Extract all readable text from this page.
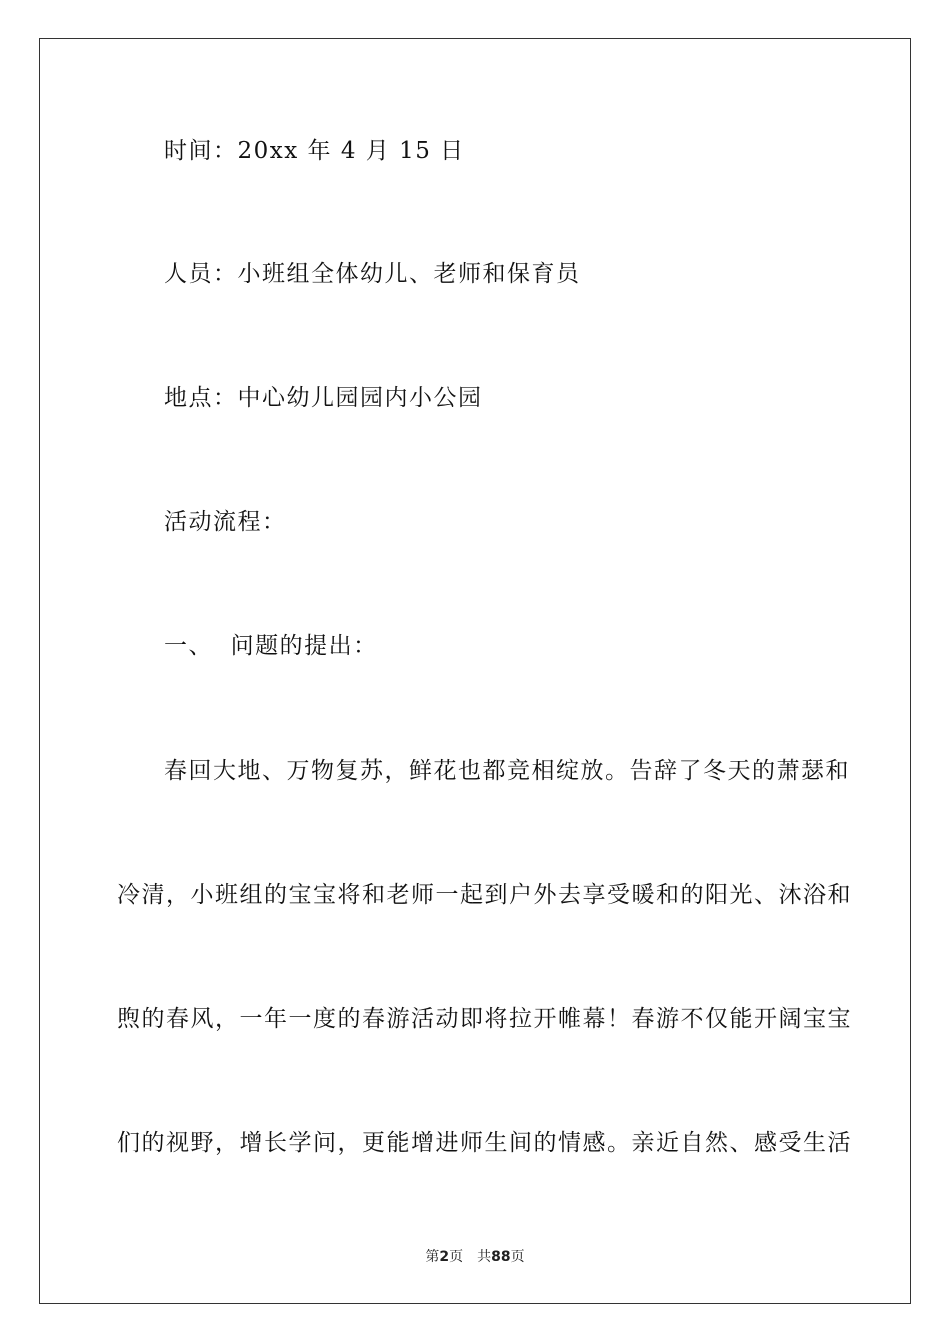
时间：20xx 年 4 月 15 日
人员：小班组全体幼儿、老师和保育员
地点：中心幼儿园园内小公园
活动流程：
一、  问题的提出：
春回大地、万物复苏，鲜花也都竞相绽放。告辞了冬天的萧瑟和
冷清，小班组的宝宝将和老师一起到户外去享受暖和的阳光、沐浴和
煦的春风，一年一度的春游活动即将拉开帷幕！春游不仅能开阔宝宝
们的视野，增长学问，更能增进师生间的情感。亲近自然、感受生活
第2页 共88页
